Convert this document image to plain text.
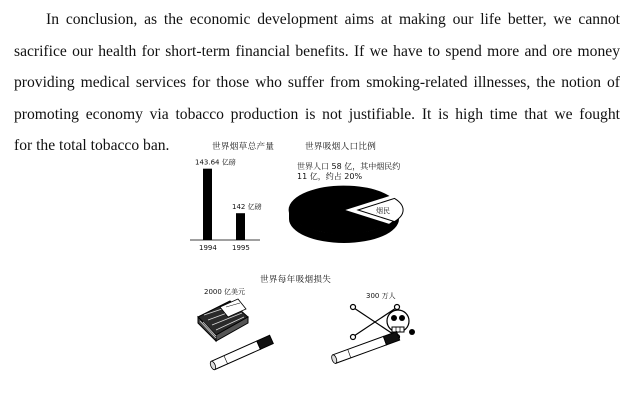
In conclusion, as the economic development aims at making our life better, we cannot
sacrifice our health for short-term financial benefits. If we have to spend more and ore money
providing medical services for those who suffer from smoking-related illnesses, the notion of
promoting economy via tobacco production is not justifiable. It is high time that we fought
for the total tobacco ban.	世界烟草总产量
143.64 亿磅
1994
142 亿磅
1995
世界吸烟人口比例
世界人口 58 亿，其中烟民约
11 亿，约占 20%
烟民
世界每年吸烟损失
2000 亿美元	300 万人
